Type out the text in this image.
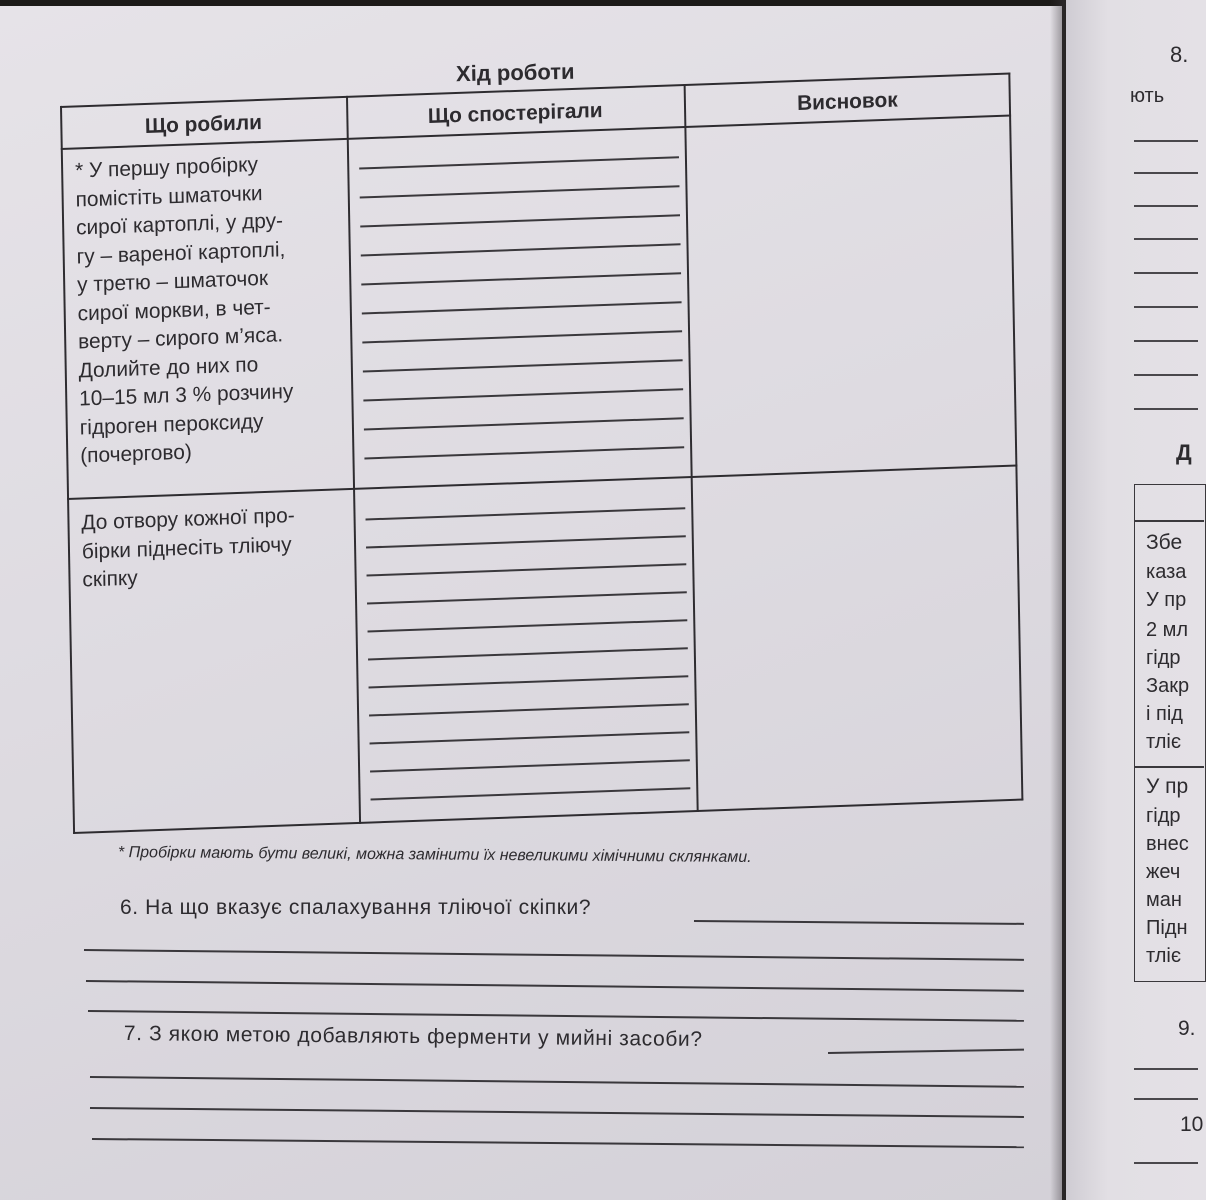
Хід роботи
Що робили	Що спостерігали	Висновок
* У першу пробірку
помістіть шматочки
сирої картоплі, у дру-
гу – вареної картоплі,
у третю – шматочок
сирої моркви, в чет-
верту – сирого м’яса.
Долийте до них по
10–15 мл 3 % розчину
гідроген пероксиду
(почергово)
До отвору кожної про-
бірки піднесіть тліючу
скіпку
* Пробірки мають бути великі, можна замінити їх невеликими хімічними склянками.
6. На що вказує спалахування тліючої скіпки?
7. З якою метою добавляють ферменти у мийні засоби?
8.
ють
Д
Збе
каза
У пр
2 мл
гідр
Закр
і під
тліє
У пр
гідр
внес
жеч
ман
Підн
тліє
9.
10
